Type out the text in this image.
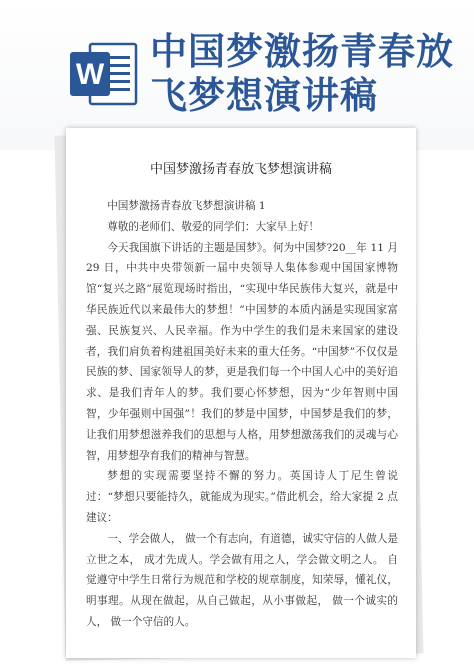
W
中国梦激扬青春放飞梦想演讲稿
中国梦激扬青春放飞梦想演讲稿

中国梦激扬青春放飞梦想演讲稿 1

尊敬的老师们、敬爱的同学们：大家早上好！

今天我国旗下讲话的主题是国梦》。何为中国梦?20__年 11 月 29 日，中共中央带领新一届中央领导人集体参观中国国家博物馆“复兴之路”展览现场时指出，“实现中华民族伟大复兴，就是中华民族近代以来最伟大的梦想！”中国梦的本质内涵是实现国家富强、民族复兴、人民幸福。作为中学生的我们是未来国家的建设者，我们肩负着构建祖国美好未来的重大任务。“中国梦”不仅仅是民族的梦、国家领导人的梦，更是我们每一个中国人心中的美好追求、是我们青年人的梦。我们要心怀梦想，因为“少年智则中国智，少年强则中国强”！我们的梦是中国梦，中国梦是我们的梦，让我们用梦想滋养我们的思想与人格，用梦想激荡我们的灵魂与心智，用梦想孕育我们的精神与智慧。

梦想的实现需要坚持不懈的努力。英国诗人丁尼生曾说过：“梦想只要能持久，就能成为现实。”借此机会，给大家提 2 点建议：

一、学会做人， 做一个有志向，有道德，诚实守信的人做人是立世之本， 成才先成人。学会做有用之人，学会做文明之人。 自觉遵守中学生日常行为规范和学校的规章制度，知荣辱，懂礼仪，明事理。从现在做起，从自己做起，从小事做起， 做一个诚实的人， 做一个守信的人。
